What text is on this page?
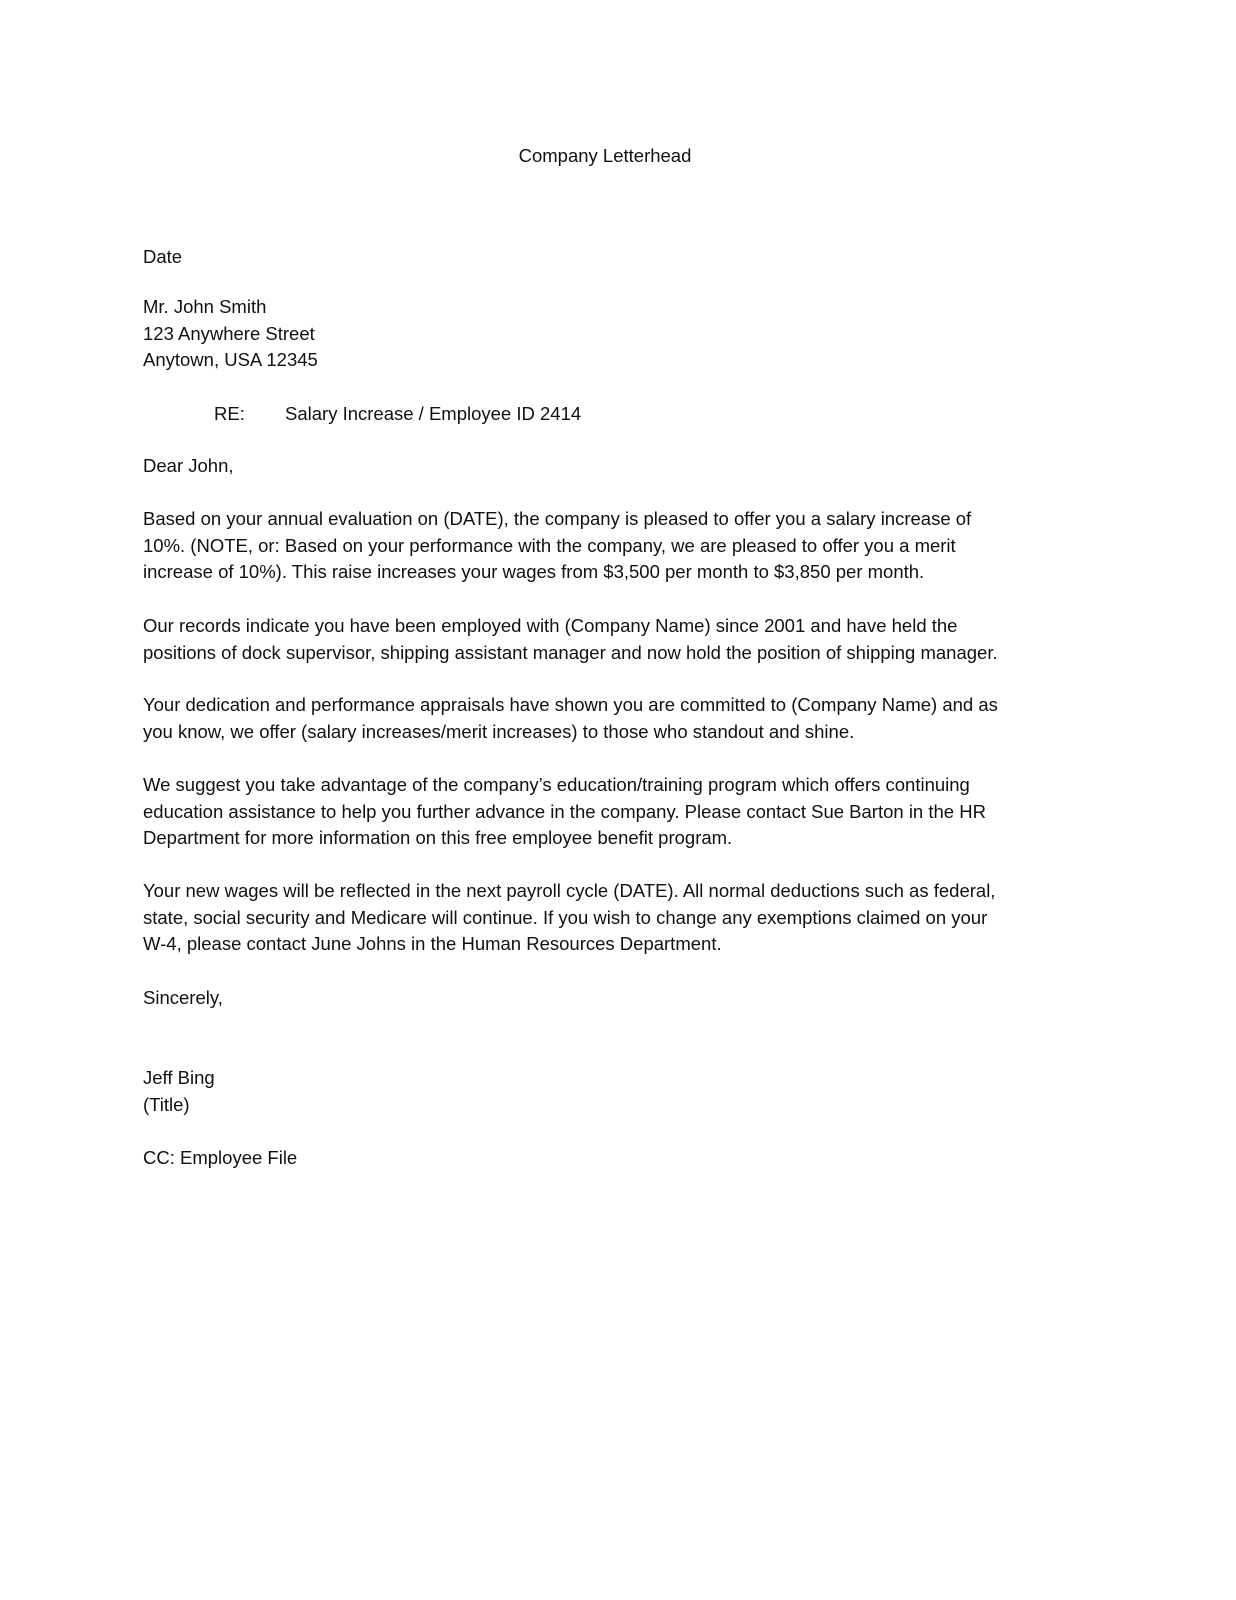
Company Letterhead
Date
Mr. John Smith
123 Anywhere Street
Anytown, USA 12345
RE: Salary Increase / Employee ID 2414
Dear John,
Based on your annual evaluation on (DATE), the company is pleased to offer you a salary increase of
10%. (NOTE, or: Based on your performance with the company, we are pleased to offer you a merit
increase of 10%). This raise increases your wages from $3,500 per month to $3,850 per month.
Our records indicate you have been employed with (Company Name) since 2001 and have held the
positions of dock supervisor, shipping assistant manager and now hold the position of shipping manager.
Your dedication and performance appraisals have shown you are committed to (Company Name) and as
you know, we offer (salary increases/merit increases) to those who standout and shine.
We suggest you take advantage of the company’s education/training program which offers continuing
education assistance to help you further advance in the company. Please contact Sue Barton in the HR
Department for more information on this free employee benefit program.
Your new wages will be reflected in the next payroll cycle (DATE). All normal deductions such as federal,
state, social security and Medicare will continue. If you wish to change any exemptions claimed on your
W-4, please contact June Johns in the Human Resources Department.
Sincerely,
Jeff Bing
(Title)
CC: Employee File
